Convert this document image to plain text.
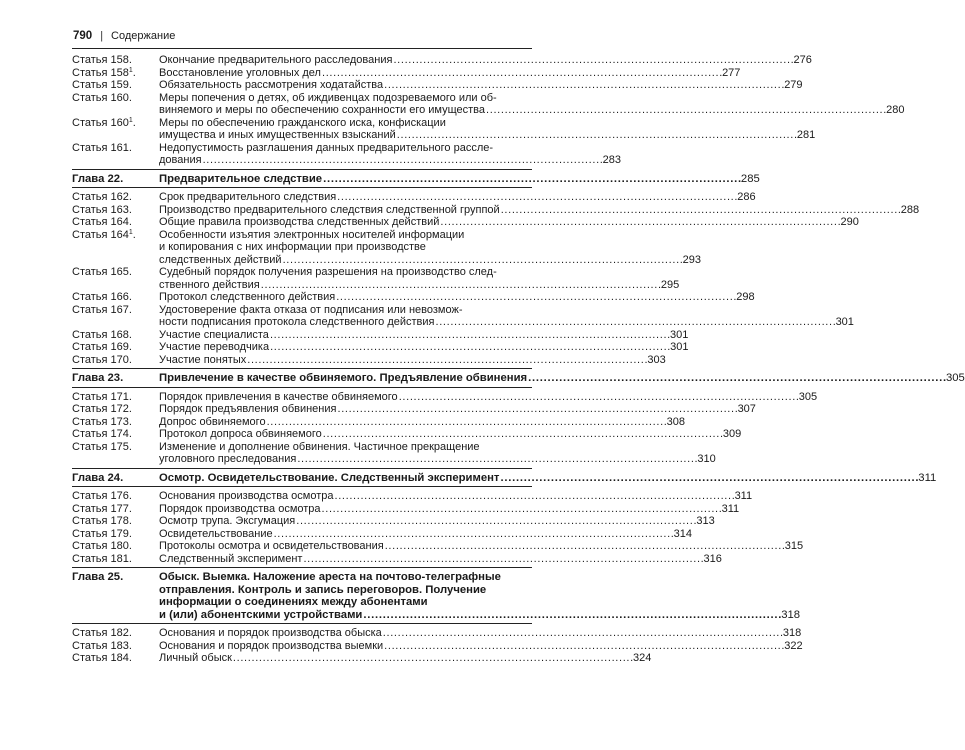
790 | Содержание
Статья 158.	Окончание предварительного расследования . . .	276
Статья $158^1$.	Восстановление уголовных дел . . .	277
Статья 159.	Обязательность рассмотрения ходатайства . . .	279
Статья 160.	Меры попечения о детях, об иждивенцах подозреваемого или об-
виняемого и меры по обеспечению сохранности его имущества . . .	280
Статья $160^1$.	Меры по обеспечению гражданского иска, конфискации
имущества и иных имущественных взысканий . . .	281
Статья 161.	Недопустимость разглашения данных предварительного рассле-
дования . . .	283
Глава 22.	Предварительное следствие . . .	285
Статья 162.	Срок предварительного следствия . . .	286
Статья 163.	Производство предварительного следствия следственной группой . . .	288
Статья 164.	Общие правила производства следственных действий . . .	290
Статья $164^1$.	Особенности изъятия электронных носителей информации
и копирования с них информации при производстве
следственных действий . . .	293
Статья 165.	Судебный порядок получения разрешения на производство след-
ственного действия . . .	295
Статья 166.	Протокол следственного действия . . .	298
Статья 167.	Удостоверение факта отказа от подписания или невозмож-
ности подписания протокола следственного действия . . .	301
Статья 168.	Участие специалиста . . .	301
Статья 169.	Участие переводчика . . .	301
Статья 170.	Участие понятых . . .	303
Глава 23.	Привлечение в качестве обвиняемого. Предъявление обвинения . . .	305
Статья 171.	Порядок привлечения в качестве обвиняемого . . .	305
Статья 172.	Порядок предъявления обвинения . . .	307
Статья 173.	Допрос обвиняемого . . .	308
Статья 174.	Протокол допроса обвиняемого . . .	309
Статья 175.	Изменение и дополнение обвинения. Частичное прекращение
уголовного преследования . . .	310
Глава 24.	Осмотр. Освидетельствование. Следственный эксперимент . . .	311
Статья 176.	Основания производства осмотра . . .	311
Статья 177.	Порядок производства осмотра . . .	311
Статья 178.	Осмотр трупа. Эксгумация . . .	313
Статья 179.	Освидетельствование . . .	314
Статья 180.	Протоколы осмотра и освидетельствования . . .	315
Статья 181.	Следственный эксперимент . . .	316
Глава 25.	Обыск. Выемка. Наложение ареста на почтово-телеграфные
отправления. Контроль и запись переговоров. Получение
информации о соединениях между абонентами
и (или) абонентскими устройствами . . .	318
Статья 182.	Основания и порядок производства обыска . . .	318
Статья 183.	Основания и порядок производства выемки . . .	322
Статья 184.	Личный обыск . . .	324
